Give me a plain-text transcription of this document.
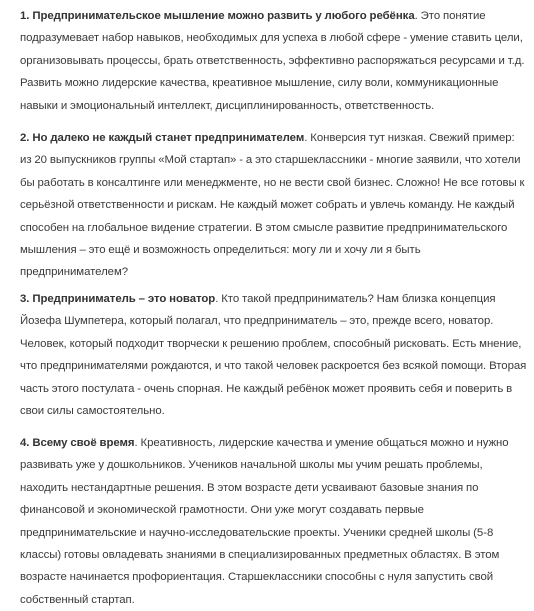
1. Предпринимательское мышление можно развить у любого ребёнка. Это понятие подразумевает набор навыков, необходимых для успеха в любой сфере - умение ставить цели, организовывать процессы, брать ответственность, эффективно распоряжаться ресурсами и т.д. Развить можно лидерские качества, креативное мышление, силу воли, коммуникационные навыки и эмоциональный интеллект, дисциплинированность, ответственность.

2. Но далеко не каждый станет предпринимателем. Конверсия тут низкая. Свежий пример: из 20 выпускников группы «Мой стартап» - а это старшеклассники - многие заявили, что хотели бы работать в консалтинге или менеджменте, но не вести свой бизнес. Сложно! Не все готовы к серьёзной ответственности и рискам. Не каждый может собрать и увлечь команду. Не каждый способен на глобальное видение стратегии. В этом смысле развитие предпринимательского мышления – это ещё и возможность определиться: могу ли и хочу ли я быть предпринимателем?

3. Предприниматель – это новатор. Кто такой предприниматель? Нам близка концепция Йозефа Шумпетера, который полагал, что предприниматель – это, прежде всего, новатор. Человек, который подходит творчески к решению проблем, способный рисковать. Есть мнение, что предпринимателями рождаются, и что такой человек раскроется без всякой помощи. Вторая часть этого постулата - очень спорная. Не каждый ребёнок может проявить себя и поверить в свои силы самостоятельно.

4. Всему своё время. Креативность, лидерские качества и умение общаться можно и нужно развивать уже у дошкольников. Учеников начальной школы мы учим решать проблемы, находить нестандартные решения. В этом возрасте дети усваивают базовые знания по финансовой и экономической грамотности. Они уже могут создавать первые предпринимательские и научно-исследовательские проекты. Ученики средней школы (5-8 классы) готовы овладевать знаниями в специализированных предметных областях. В этом возрасте начинается профориентация. Старшеклассники способны с нуля запустить свой собственный стартап.
